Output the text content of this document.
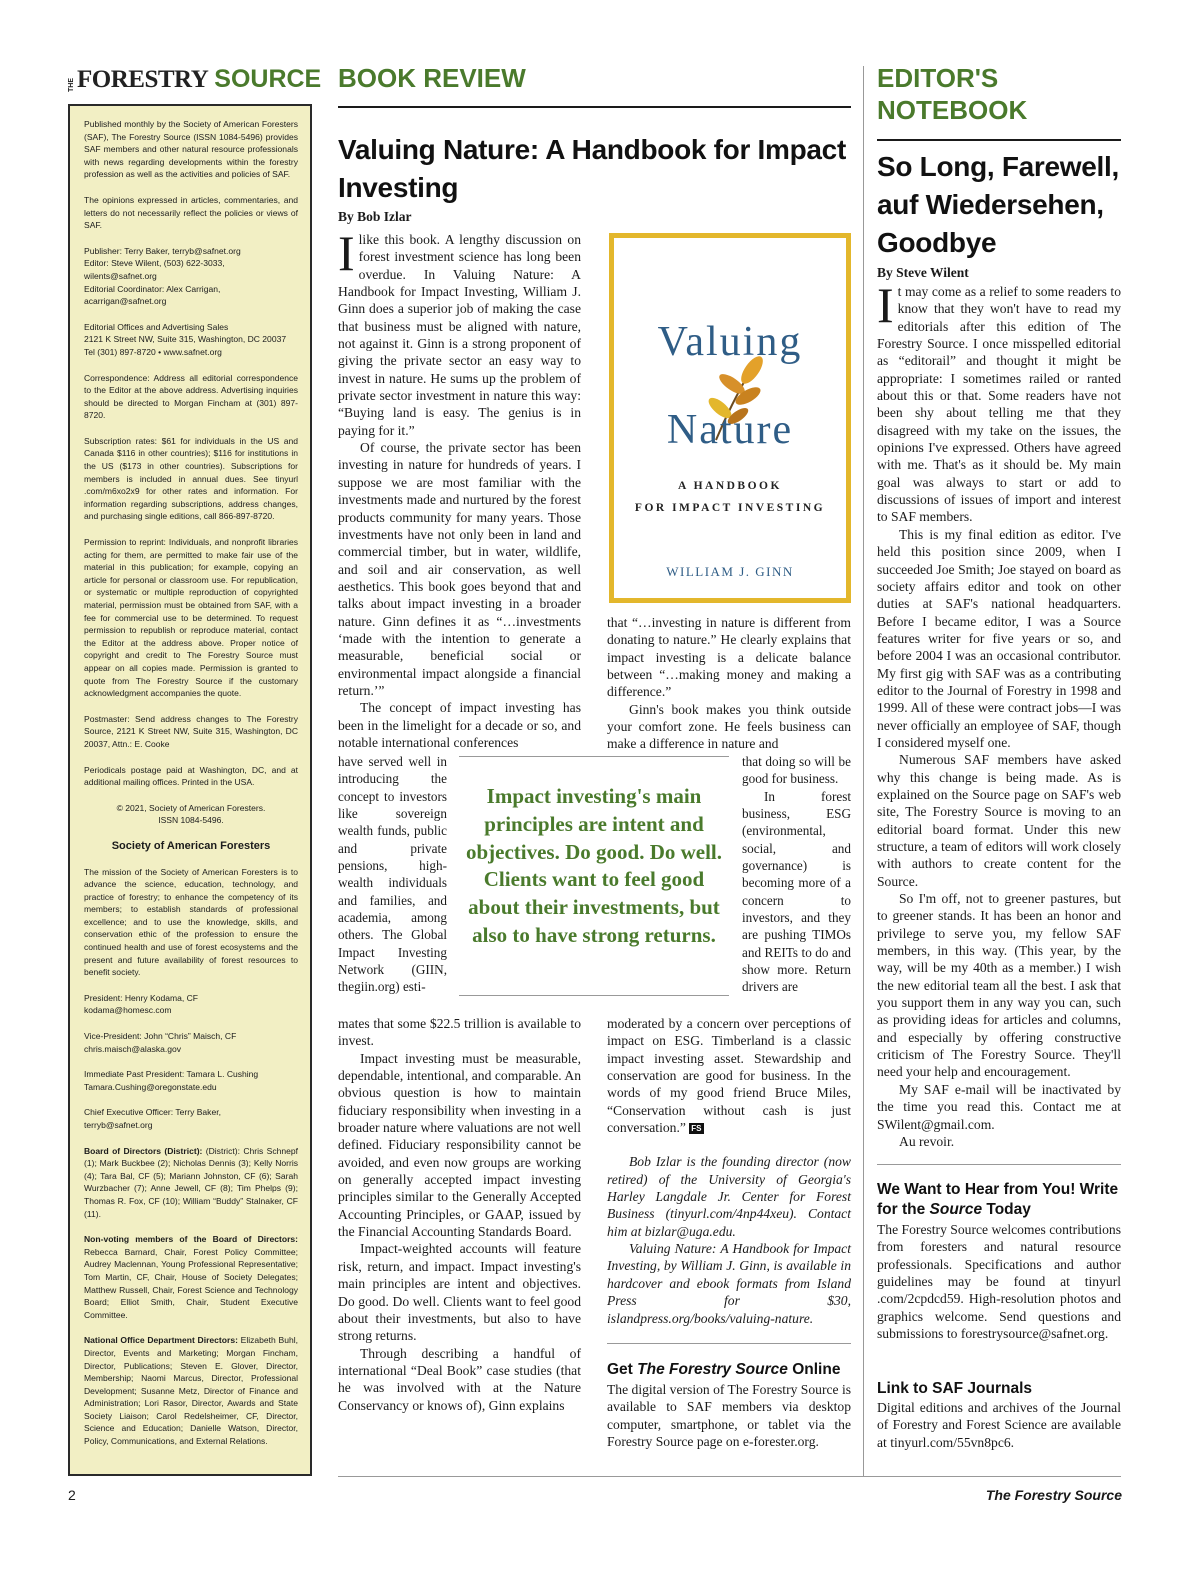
THE FORESTRY SOURCE

Published monthly by the Society of American Foresters (SAF), The Forestry Source (ISSN 1084-5496) provides SAF members and other natural resource professionals with news regarding developments within the forestry profession as well as the activities and policies of SAF.

The opinions expressed in articles, commentaries, and letters do not necessarily reflect the policies or views of SAF.

Publisher: Terry Baker, terryb@safnet.org
Editor: Steve Wilent, (503) 622-3033,
wilents@safnet.org
Editorial Coordinator: Alex Carrigan,
acarrigan@safnet.org

Editorial Offices and Advertising Sales
2121 K Street NW, Suite 315, Washington, DC 20037
Tel (301) 897-8720 • www.safnet.org

Correspondence: Address all editorial correspondence to the Editor at the above address. Advertising inquiries should be directed to Morgan Fincham at (301) 897-8720.

Subscription rates: $61 for individuals in the US and Canada $116 in other countries); $116 for institutions in the US ($173 in other countries). Subscriptions for members is included in annual dues. See tinyurl .com/m6xo2x9 for other rates and information. For information regarding subscriptions, address changes, and purchasing single editions, call 866-897-8720.

Permission to reprint: Individuals, and nonprofit libraries acting for them, are permitted to make fair use of the material in this publication; for example, copying an article for personal or classroom use. For republication, or systematic or multiple reproduction of copyrighted material, permission must be obtained from SAF, with a fee for commercial use to be determined. To request permission to republish or reproduce material, contact the Editor at the address above. Proper notice of copyright and credit to The Forestry Source must appear on all copies made. Permission is granted to quote from The Forestry Source if the customary acknowledgment accompanies the quote.

Postmaster: Send address changes to The Forestry Source, 2121 K Street NW, Suite 315, Washington, DC 20037, Attn.: E. Cooke

Periodicals postage paid at Washington, DC, and at additional mailing offices. Printed in the USA.

© 2021, Society of American Foresters.
ISSN 1084-5496.

Society of American Foresters

The mission of the Society of American Foresters is to advance the science, education, technology, and practice of forestry; to enhance the competency of its members; to establish standards of professional excellence; and to use the knowledge, skills, and conservation ethic of the profession to ensure the continued health and use of forest ecosystems and the present and future availability of forest resources to benefit society.

President: Henry Kodama, CF
kodama@homesc.com

Vice-President: John “Chris” Maisch, CF
chris.maisch@alaska.gov

Immediate Past President: Tamara L. Cushing
Tamara.Cushing@oregonstate.edu

Chief Executive Officer: Terry Baker,
terryb@safnet.org

Board of Directors (District): (District): Chris Schnepf (1); Mark Buckbee (2); Nicholas Dennis (3); Kelly Norris (4); Tara Bal, CF (5); Mariann Johnston, CF (6); Sarah Wurzbacher (7); Anne Jewell, CF (8); Tim Phelps (9); Thomas R. Fox, CF (10); William “Buddy” Stalnaker, CF (11).

Non-voting members of the Board of Directors: Rebecca Barnard, Chair, Forest Policy Committee; Audrey Maclennan, Young Professional Representative; Tom Martin, CF, Chair, House of Society Delegates; Matthew Russell, Chair, Forest Science and Technology Board; Elliot Smith, Chair, Student Executive Committee.

National Office Department Directors: Elizabeth Buhl, Director, Events and Marketing; Morgan Fincham, Director, Publications; Steven E. Glover, Director, Membership; Naomi Marcus, Director, Professional Development; Susanne Metz, Director of Finance and Administration; Lori Rasor, Director, Awards and State Society Liaison; Carol Redelsheimer, CF, Director, Science and Education; Danielle Watson, Director, Policy, Communications, and External Relations.

BOOK REVIEW
Valuing Nature: A Handbook for Impact Investing
By Bob Izlar

I like this book. A lengthy discussion on forest investment science has long been overdue. In Valuing Nature: A Handbook for Impact Investing, William J. Ginn does a superior job of making the case that business must be aligned with nature, not against it. Ginn is a strong proponent of giving the private sector an easy way to invest in nature. He sums up the problem of private sector investment in nature this way: “Buying land is easy. The genius is in paying for it.”

Of course, the private sector has been investing in nature for hundreds of years. I suppose we are most familiar with the investments made and nurtured by the forest products community for many years. Those investments have not only been in land and commercial timber, but in water, wildlife, and soil and air conservation, as well aesthetics. This book goes beyond that and talks about impact investing in a broader nature. Ginn defines it as “…investments ‘made with the intention to generate a measurable, beneficial social or environmental impact alongside a financial return.’”

The concept of impact investing has been in the limelight for a decade or so, and notable international conferences

have served well in introducing the concept to investors like sovereign wealth funds, public and private pensions, high-wealth individuals and families, and academia, among others. The Global Impact Investing Network (GIIN, thegiin.org) esti-

mates that some $22.5 trillion is available to invest.

Impact investing must be measurable, dependable, intentional, and comparable. An obvious question is how to maintain fiduciary responsibility when investing in a broader nature where valuations are not well defined. Fiduciary responsibility cannot be avoided, and even now groups are working on generally accepted impact investing principles similar to the Generally Accepted Accounting Principles, or GAAP, issued by the Financial Accounting Standards Board.

Impact-weighted accounts will feature risk, return, and impact. Impact investing's main principles are intent and objectives. Do good. Do well. Clients want to feel good about their investments, but also to have strong returns.

Through describing a handful of international “Deal Book” case studies (that he was involved with at the Nature Conservancy or knows of), Ginn explains

Valuing
Nature
A HANDBOOK
FOR IMPACT INVESTING
WILLIAM J. GINN

that “…investing in nature is different from donating to nature.” He clearly explains that impact investing is a delicate balance between “…making money and making a difference.”

Ginn's book makes you think outside your comfort zone. He feels business can make a difference in nature and

that doing so will be good for business.

In forest business, ESG (environmental, social, and governance) is becoming more of a concern to investors, and they are pushing TIMOs and REITs to do and show more. Return drivers are

Impact investing's main principles are intent and objectives. Do good. Do well. Clients want to feel good about their investments, but also to have strong returns.

moderated by a concern over perceptions of impact on ESG. Timberland is a classic impact investing asset. Stewardship and conservation are good for business. In the words of my good friend Bruce Miles, “Conservation without cash is just conversation.” FS

Bob Izlar is the founding director (now retired) of the University of Georgia's Harley Langdale Jr. Center for Forest Business (tinyurl.com/4np44xeu). Contact him at bizlar@uga.edu.

Valuing Nature: A Handbook for Impact Investing, by William J. Ginn, is available in hardcover and ebook formats from Island Press for $30, islandpress.org/books/valuing-nature.

Get The Forestry Source Online
The digital version of The Forestry Source is available to SAF members via desktop computer, smartphone, or tablet via the Forestry Source page on e-forester.org.
EDITOR'S NOTEBOOK
So Long, Farewell, auf Wiedersehen, Goodbye
By Steve Wilent

It may come as a relief to some readers to know that they won't have to read my editorials after this edition of The Forestry Source. I once misspelled editorial as “editorail” and thought it might be appropriate: I sometimes railed or ranted about this or that. Some readers have not been shy about telling me that they disagreed with my take on the issues, the opinions I've expressed. Others have agreed with me. That's as it should be. My main goal was always to start or add to discussions of issues of import and interest to SAF members.

This is my final edition as editor. I've held this position since 2009, when I succeeded Joe Smith; Joe stayed on board as society affairs editor and took on other duties at SAF's national headquarters. Before I became editor, I was a Source features writer for five years or so, and before 2004 I was an occasional contributor. My first gig with SAF was as a contributing editor to the Journal of Forestry in 1998 and 1999. All of these were contract jobs—I was never officially an employee of SAF, though I considered myself one.

Numerous SAF members have asked why this change is being made. As is explained on the Source page on SAF's web site, The Forestry Source is moving to an editorial board format. Under this new structure, a team of editors will work closely with authors to create content for the Source.

So I'm off, not to greener pastures, but to greener stands. It has been an honor and privilege to serve you, my fellow SAF members, in this way. (This year, by the way, will be my 40th as a member.) I wish the new editorial team all the best. I ask that you support them in any way you can, such as providing ideas for articles and columns, and especially by offering constructive criticism of The Forestry Source. They'll need your help and encouragement.

My SAF e-mail will be inactivated by the time you read this. Contact me at SWilent@gmail.com.

Au revoir.

We Want to Hear from You! Write for the Source Today
The Forestry Source welcomes contributions from foresters and natural resource professionals. Specifications and author guidelines may be found at tinyurl .com/2cpdcd59. High-resolution photos and graphics welcome. Send questions and submissions to forestrysource@safnet.org.
Link to SAF Journals
Digital editions and archives of the Journal of Forestry and Forest Science are available at tinyurl.com/55vn8pc6.
2	The Forestry Source
